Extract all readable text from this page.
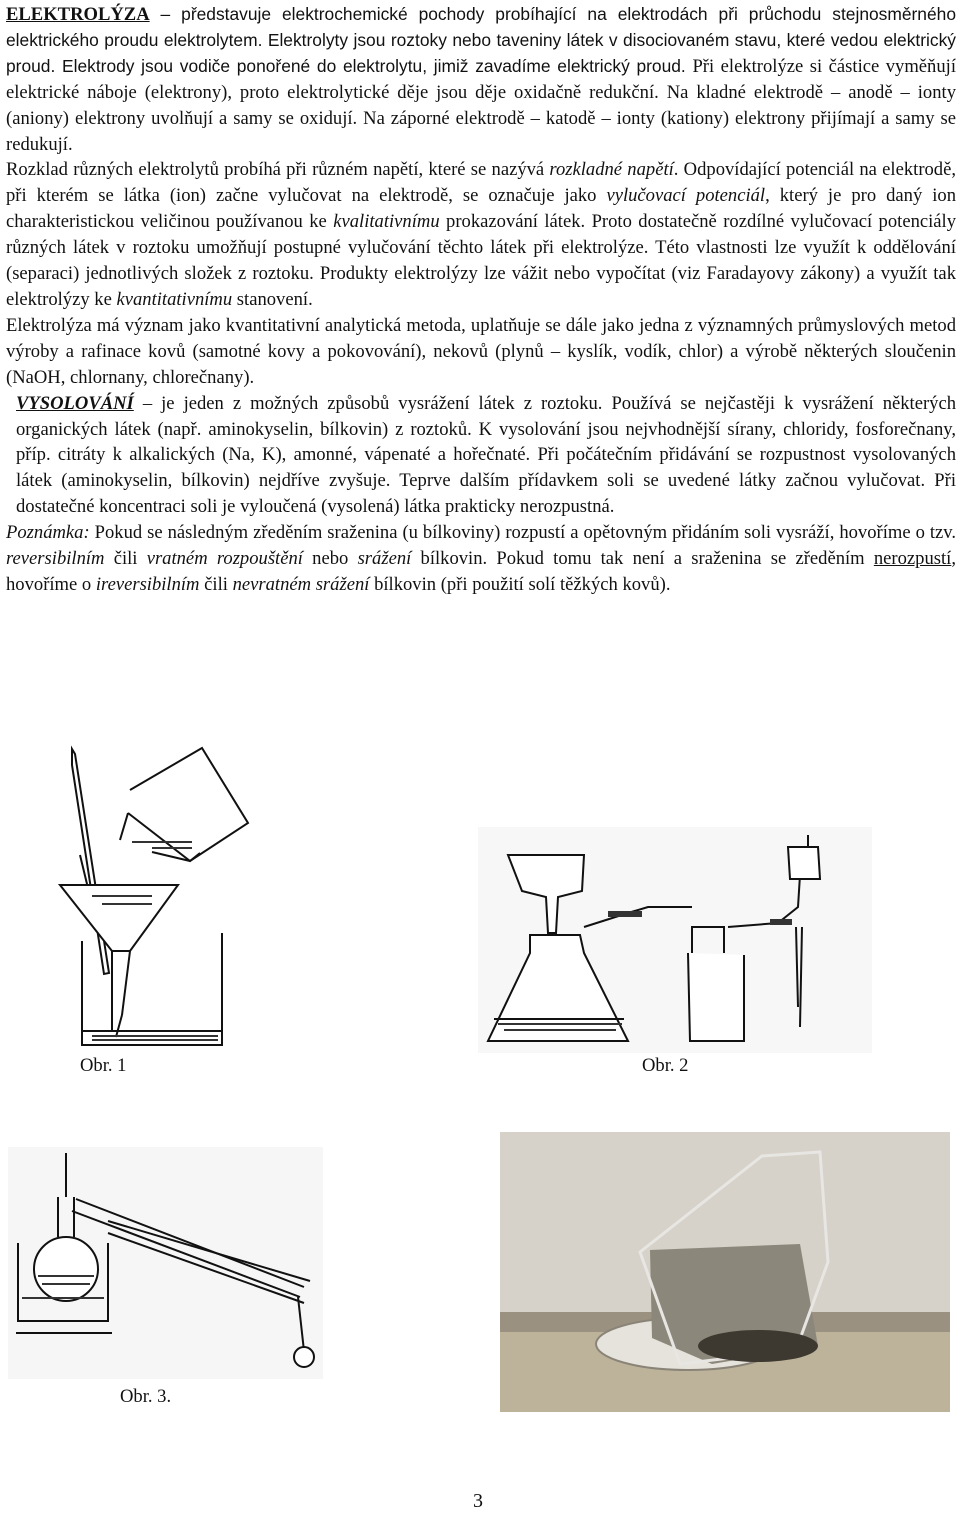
ELEKTROLÝZA – představuje elektrochemické pochody probíhající na elektrodách při průchodu stejnosměrného elektrického proudu elektrolytem. Elektrolyty jsou roztoky nebo taveniny látek v disociovaném stavu, které vedou elektrický proud. Elektrody jsou vodiče ponořené do elektrolytu, jimiž zavadíme elektrický proud. Při elektrolýze si částice vyměňují elektrické náboje (elektrony), proto elektrolytické děje jsou děje oxidačně redukční. Na kladné elektrodě – anodě – ionty (aniony) elektrony uvolňují a samy se oxidují. Na záporné elektrodě – katodě – ionty (kationy) elektrony přijímají a samy se redukují.

Rozklad různých elektrolytů probíhá při různém napětí, které se nazývá rozkladné napětí. Odpovídající potenciál na elektrodě, při kterém se látka (ion) začne vylučovat na elektrodě, se označuje jako vylučovací potenciál, který je pro daný ion charakteristickou veličinou používanou ke kvalitativnímu prokazování látek. Proto dostatečně rozdílné vylučovací potenciály různých látek v roztoku umožňují postupné vylučování těchto látek při elektrolýze. Této vlastnosti lze využít k oddělování (separaci) jednotlivých složek z roztoku. Produkty elektrolýzy lze vážit nebo vypočítat (viz Faradayovy zákony) a využít tak elektrolýzy ke kvantitativnímu stanovení.

Elektrolýza má význam jako kvantitativní analytická metoda, uplatňuje se dále jako jedna z významných průmyslových metod výroby a rafinace kovů (samotné kovy a pokovování), nekovů (plynů – kyslík, vodík, chlor) a výrobě některých sloučenin (NaOH, chlornany, chlorečnany).

VYSOLOVÁNÍ – je jeden z možných způsobů vysrážení látek z roztoku. Používá se nejčastěji k vysrážení některých organických látek (např. aminokyselin, bílkovin) z roztoků. K vysolování jsou nejvhodnější sírany, chloridy, fosforečnany, příp. citráty k alkalických (Na, K), amonné, vápenaté a hořečnaté. Při počátečním přidávání se rozpustnost vysolovaných látek (aminokyselin, bílkovin) nejdříve zvyšuje. Teprve dalším přídavkem soli se uvedené látky začnou vylučovat. Při dostatečné koncentraci soli je vyloučená (vysolená) látka prakticky nerozpustná.

Poznámka: Pokud se následným zředěním sraženina (u bílkoviny) rozpustí a opětovným přidáním soli vysráží, hovoříme o tzv. reversibilním čili vratném rozpouštění nebo srážení bílkovin. Pokud tomu tak není a sraženina se zředěním nerozpustí, hovoříme o ireversibilním čili nevratném srážení bílkovin (při použití solí těžkých kovů).

Obr. 1	Obr. 2
Obr. 3.
3
